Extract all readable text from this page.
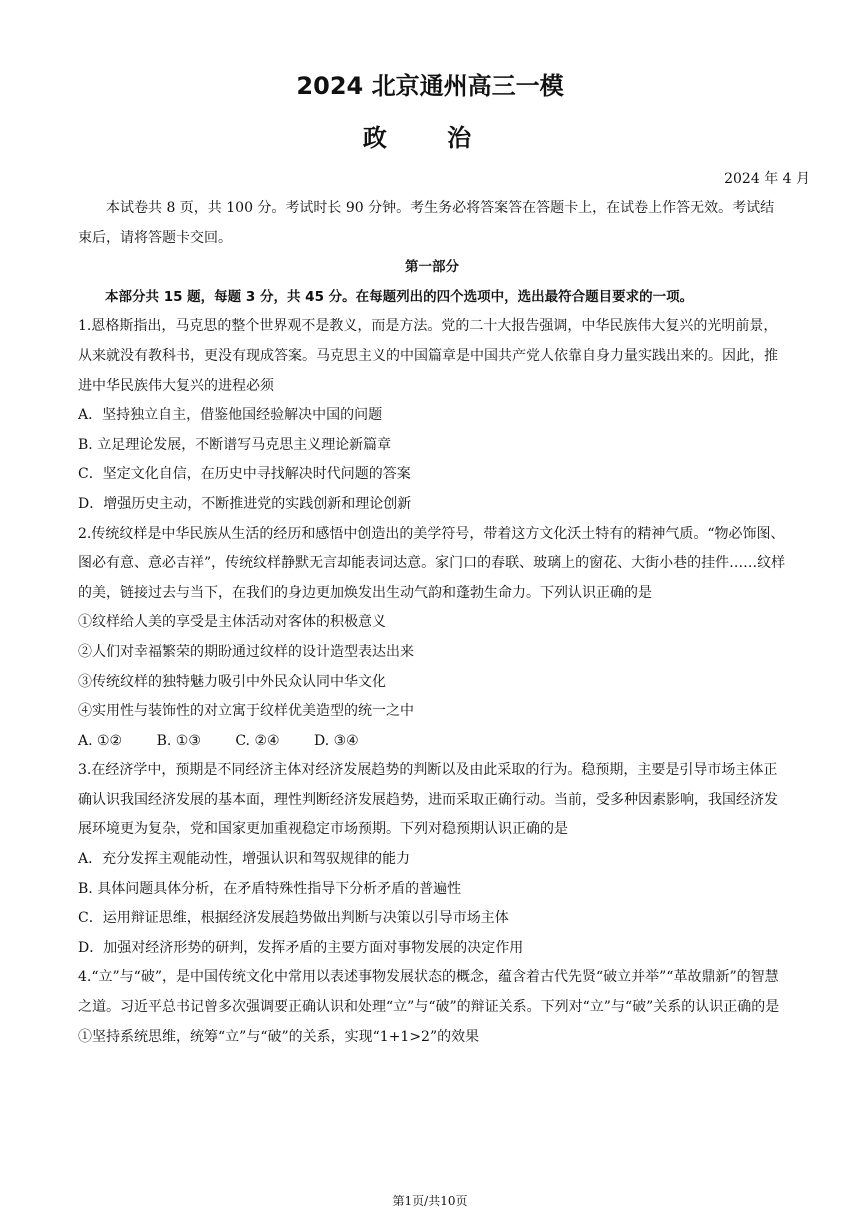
2024 北京通州高三一模
政 治
2024 年 4 月

本试卷共 8 页，共 100 分。考试时长 90 分钟。考生务必将答案答在答题卡上，在试卷上作答无效。考试结束后，请将答题卡交回。

第一部分

本部分共 15 题，每题 3 分，共 45 分。在每题列出的四个选项中，选出最符合题目要求的一项。

1.恩格斯指出，马克思的整个世界观不是教义，而是方法。党的二十大报告强调，中华民族伟大复兴的光明前景，从来就没有教科书，更没有现成答案。马克思主义的中国篇章是中国共产党人依靠自身力量实践出来的。因此，推进中华民族伟大复兴的进程必须

A．坚持独立自主，借鉴他国经验解决中国的问题

B. 立足理论发展，不断谱写马克思主义理论新篇章

C．坚定文化自信，在历史中寻找解决时代问题的答案

D．增强历史主动，不断推进党的实践创新和理论创新

2.传统纹样是中华民族从生活的经历和感悟中创造出的美学符号，带着这方文化沃土特有的精神气质。“物必饰图、图必有意、意必吉祥”，传统纹样静默无言却能表词达意。家门口的春联、玻璃上的窗花、大街小巷的挂件……纹样的美，链接过去与当下，在我们的身边更加焕发出生动气韵和蓬勃生命力。下列认识正确的是

①纹样给人美的享受是主体活动对客体的积极意义

②人们对幸福繁荣的期盼通过纹样的设计造型表达出来

③传统纹样的独特魅力吸引中外民众认同中华文化

④实用性与装饰性的对立寓于纹样优美造型的统一之中

A. ①② B. ①③ C. ②④ D. ③④

3.在经济学中，预期是不同经济主体对经济发展趋势的判断以及由此采取的行为。稳预期，主要是引导市场主体正确认识我国经济发展的基本面，理性判断经济发展趋势，进而采取正确行动。当前，受多种因素影响，我国经济发展环境更为复杂，党和国家更加重视稳定市场预期。下列对稳预期认识正确的是

A．充分发挥主观能动性，增强认识和驾驭规律的能力

B. 具体问题具体分析，在矛盾特殊性指导下分析矛盾的普遍性

C．运用辩证思维，根据经济发展趋势做出判断与决策以引导市场主体

D．加强对经济形势的研判，发挥矛盾的主要方面对事物发展的决定作用

4.“立”与“破”，是中国传统文化中常用以表述事物发展状态的概念，蕴含着古代先贤“破立并举”“革故鼎新”的智慧之道。习近平总书记曾多次强调要正确认识和处理“立”与“破”的辩证关系。下列对“立”与“破”关系的认识正确的是

①坚持系统思维，统筹“立”与“破”的关系，实现“1+1>2”的效果

第1页/共10页
